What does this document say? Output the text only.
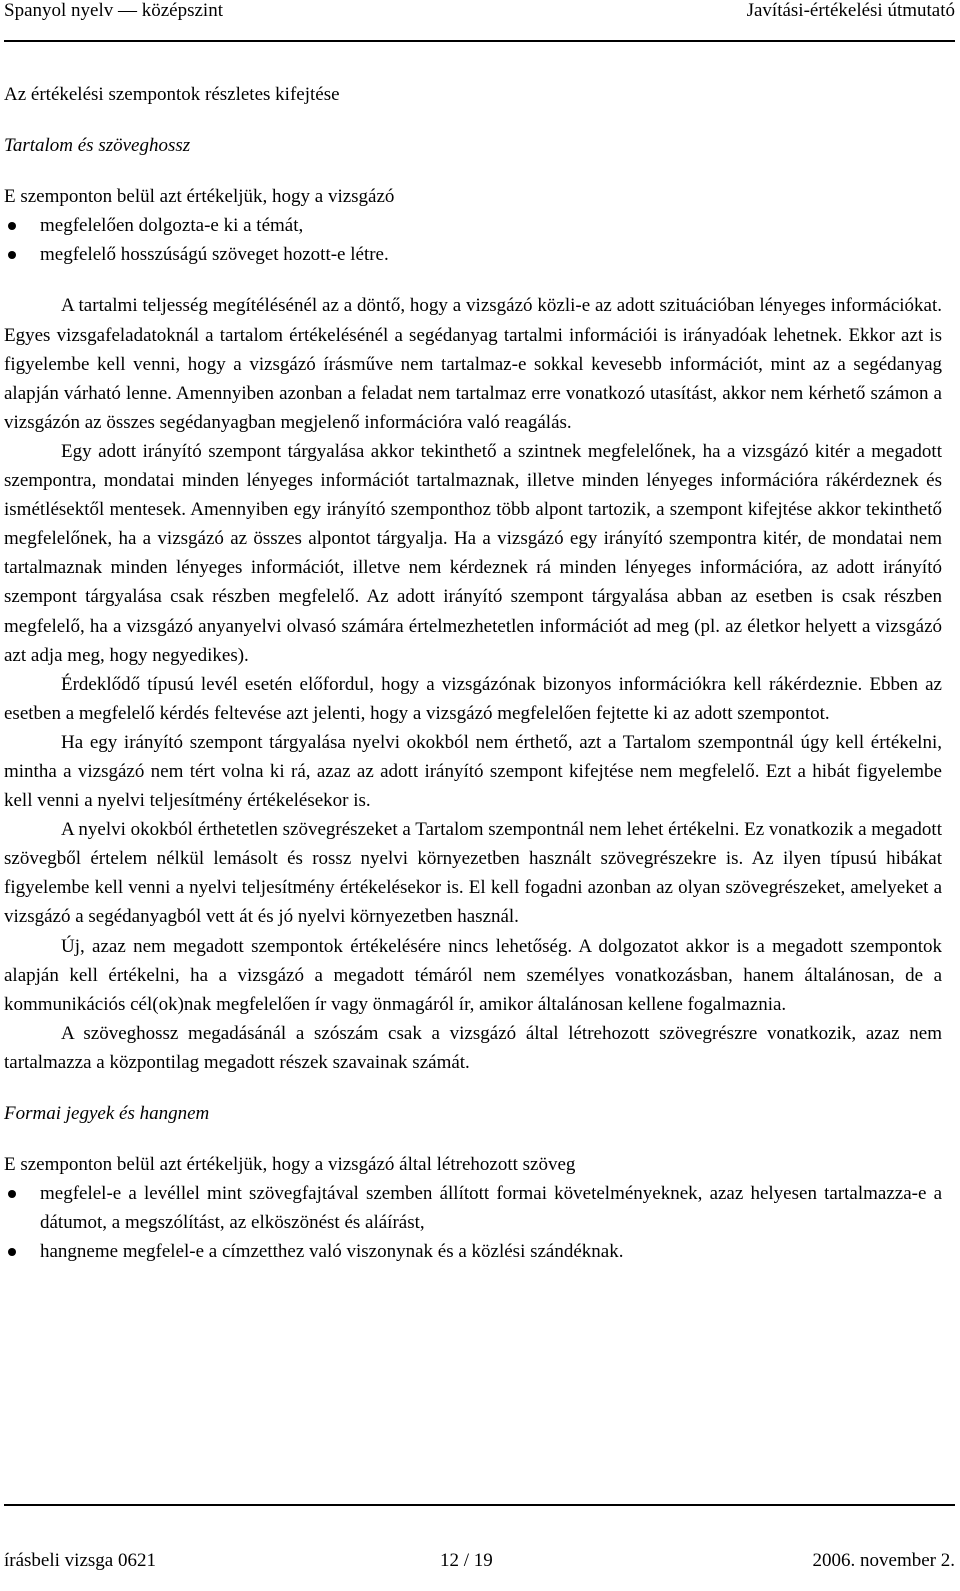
Spanyol nyelv — középszint	Javítási-értékelési útmutató

Az értékelési szempontok részletes kifejtése

Tartalom és szöveghossz

E szemponton belül azt értékeljük, hogy a vizsgázó

megfelelően dolgozta-e ki a témát,
megfelelő hosszúságú szöveget hozott-e létre.

A tartalmi teljesség megítélésénél az a döntő, hogy a vizsgázó közli-e az adott szituációban lényeges információkat. Egyes vizsgafeladatoknál a tartalom értékelésénél a segédanyag tartalmi információi is irányadóak lehetnek. Ekkor azt is figyelembe kell venni, hogy a vizsgázó írásműve nem tartalmaz-e sokkal kevesebb információt, mint az a segédanyag alapján várható lenne. Amennyiben azonban a feladat nem tartalmaz erre vonatkozó utasítást, akkor nem kérhető számon a vizsgázón az összes segédanyagban megjelenő információra való reagálás.

Egy adott irányító szempont tárgyalása akkor tekinthető a szintnek megfelelőnek, ha a vizsgázó kitér a megadott szempontra, mondatai minden lényeges információt tartalmaznak, illetve minden lényeges információra rákérdeznek és ismétlésektől mentesek. Amennyiben egy irányító szemponthoz több alpont tartozik, a szempont kifejtése akkor tekinthető megfelelőnek, ha a vizsgázó az összes alpontot tárgyalja. Ha a vizsgázó egy irányító szempontra kitér, de mondatai nem tartalmaznak minden lényeges információt, illetve nem kérdeznek rá minden lényeges információra, az adott irányító szempont tárgyalása csak részben megfelelő. Az adott irányító szempont tárgyalása abban az esetben is csak részben megfelelő, ha a vizsgázó anyanyelvi olvasó számára értelmezhetetlen információt ad meg (pl. az életkor helyett a vizsgázó azt adja meg, hogy negyedikes).

Érdeklődő típusú levél esetén előfordul, hogy a vizsgázónak bizonyos információkra kell rákérdeznie. Ebben az esetben a megfelelő kérdés feltevése azt jelenti, hogy a vizsgázó megfelelően fejtette ki az adott szempontot.

Ha egy irányító szempont tárgyalása nyelvi okokból nem érthető, azt a Tartalom szempontnál úgy kell értékelni, mintha a vizsgázó nem tért volna ki rá, azaz az adott irányító szempont kifejtése nem megfelelő. Ezt a hibát figyelembe kell venni a nyelvi teljesítmény értékelésekor is.

A nyelvi okokból érthetetlen szövegrészeket a Tartalom szempontnál nem lehet értékelni. Ez vonatkozik a megadott szövegből értelem nélkül lemásolt és rossz nyelvi környezetben használt szövegrészekre is. Az ilyen típusú hibákat figyelembe kell venni a nyelvi teljesítmény értékelésekor is. El kell fogadni azonban az olyan szövegrészeket, amelyeket a vizsgázó a segédanyagból vett át és jó nyelvi környezetben használ.

Új, azaz nem megadott szempontok értékelésére nincs lehetőség. A dolgozatot akkor is a megadott szempontok alapján kell értékelni, ha a vizsgázó a megadott témáról nem személyes vonatkozásban, hanem általánosan, de a kommunikációs cél(ok)nak megfelelően ír vagy önmagáról ír, amikor általánosan kellene fogalmaznia.

A szöveghossz megadásánál a szószám csak a vizsgázó által létrehozott szövegrészre vonatkozik, azaz nem tartalmazza a központilag megadott részek szavainak számát.

Formai jegyek és hangnem

E szemponton belül azt értékeljük, hogy a vizsgázó által létrehozott szöveg

megfelel-e a levéllel mint szövegfajtával szemben állított formai követelményeknek, azaz helyesen tartalmazza-e a dátumot, a megszólítást, az elköszönést és aláírást,
hangneme megfelel-e a címzetthez való viszonynak és a közlési szándéknak.
írásbeli vizsga 0621	12 / 19	2006. november 2.
